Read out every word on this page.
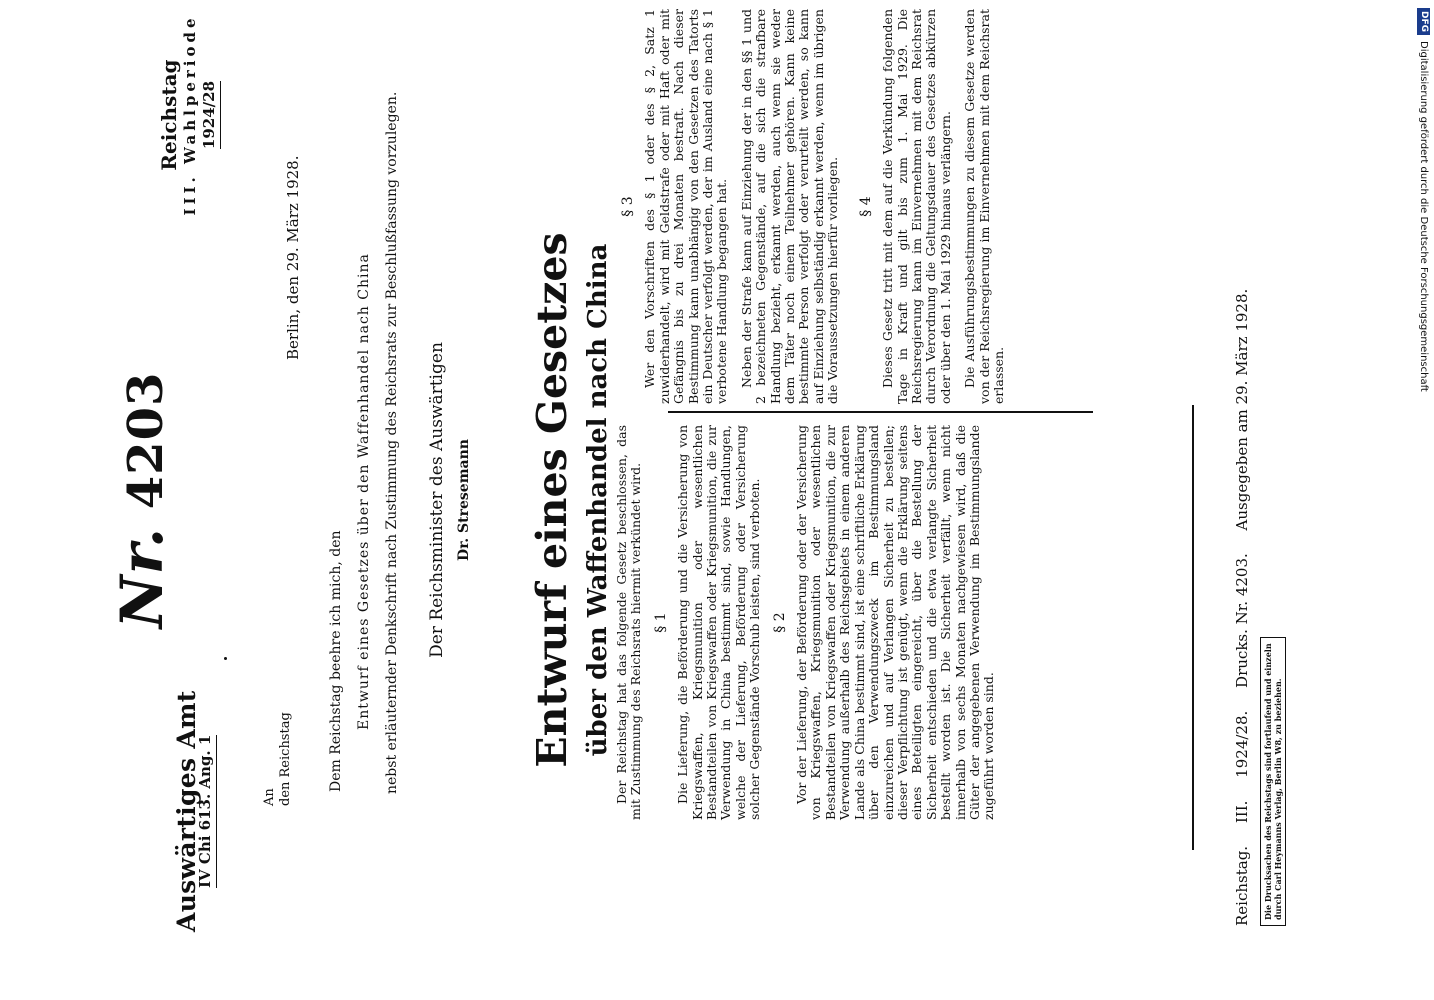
Auswärtiges Amt
IV Chi 613. Ang. 1
Reichstag III. Wahlperiode 1924/28
Nr. 4203
Berlin, den 29. März 1928.
An den Reichstag	Dem Reichstag beehre ich mich, den Entwurf eines Gesetzes über den Waffenhandel nach China nebst erläuternder Denkschrift nach Zustimmung des Reichsrats zur Beschlußfassung vorzulegen. Der Reichsminister des Auswärtigen Dr. Stresemann Entwurf eines Gesetzes über den Waffenhandel nach China Der Reichstag hat das folgende Gesetz beschlossen, das mit Zustimmung des Reichsrats hiermit verkündet wird. § 1 Die Lieferung, die Beförderung und die Versicherung von Kriegswaffen, Kriegsmunition oder wesentlichen Bestandteilen von Kriegswaffen oder Kriegsmunition, die zur Verwendung in China bestimmt sind, sowie Handlungen, welche der Lieferung, Beförderung oder Versicherung solcher Gegenstände Vorschub leisten, sind verboten. § 2 Vor der Lieferung, der Beförderung oder der Versicherung von Kriegswaffen, Kriegsmunition oder wesentlichen Bestandteilen von Kriegswaffen oder Kriegsmunition, die zur Verwendung außerhalb des Reichsgebiets in einem anderen Lande als China bestimmt sind, ist eine schriftliche Erklärung über den Verwendungszweck im Bestimmungsland einzureichen und auf Verlangen Sicherheit zu bestellen; dieser Verpflichtung ist genügt, wenn die Erklärung seitens eines Beteiligten eingereicht, über die Bestellung der Sicherheit entschieden und die etwa verlangte Sicherheit bestellt worden ist. Die Sicherheit verfällt, wenn nicht innerhalb von sechs Monaten nachgewiesen wird, daß die Güter der angegebenen Verwendung im Bestimmungslande zugeführt worden sind.

§ 3 Wer den Vorschriften des § 1 oder des § 2, Satz 1 zuwiderhandelt, wird mit Geldstrafe oder mit Haft oder mit Gefängnis bis zu drei Monaten bestraft. Nach dieser Bestimmung kann unabhängig von den Gesetzen des Tatorts ein Deutscher verfolgt werden, der im Ausland eine nach § 1 verbotene Handlung begangen hat. Neben der Strafe kann auf Einziehung der in den §§ 1 und 2 bezeichneten Gegenstände, auf die sich die strafbare Handlung bezieht, erkannt werden, auch wenn sie weder dem Täter noch einem Teilnehmer gehören. Kann keine bestimmte Person verfolgt oder verurteilt werden, so kann auf Einziehung selbständig erkannt werden, wenn im übrigen die Voraussetzungen hierfür vorliegen. § 4 Dieses Gesetz tritt mit dem auf die Verkündung folgenden Tage in Kraft und gilt bis zum 1. Mai 1929. Die Reichsregierung kann im Einvernehmen mit dem Reichsrat durch Verordnung die Geltungsdauer des Gesetzes abkürzen oder über den 1. Mai 1929 hinaus verlängern. Die Ausführungsbestimmungen zu diesem Gesetze werden von der Reichsregierung im Einvernehmen mit dem Reichsrat erlassen.

Reichstag. III. 1924/28. Drucks. Nr. 4203. Ausgegeben am 29. März 1928.
Die Drucksachen des Reichstags sind fortlaufend und einzeln durch Carl Heymanns Verlag, Berlin W8, zu beziehen.
DFGDigitalisierung gefördert durch die Deutsche Forschungsgemeinschaft
